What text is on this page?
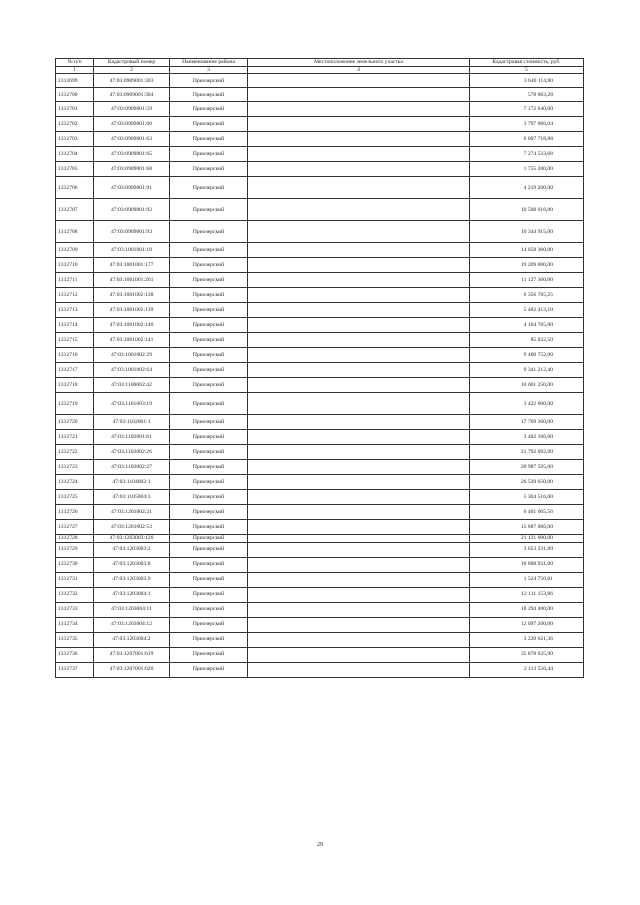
№ п/п	Кадастровый номер	Наименование района	Местоположение земельного участка	Кадастровая стоимость, руб.
1	2	3	4	5
1312699	47:03:0909001:303	Приозерский		3 640 114,80
1312700	47:03:0909001:304	Приозерский		578 063,28
1312701	47:03:0909001:59	Приозерский		7 172 640,00
1312702	47:03:0909001:60	Приозерский		3 797 066,04
1312703	47:03:0909001:63	Приозерский		6 007 718,88
1312704	47:03:0909001:65	Приозерский		7 274 533,68
1312705	47:03:0909001:68	Приозерский		1 755 200,00
1312706	47:03:0909001:91	Приозерский		4 219 200,00
1312707	47:03:0909001:92	Приозерский		10 508 016,00
1312708	47:03:0909001:93	Приозерский		10 344 915,00
1312709	47:03:1001001:10	Приозерский		14 058 360,00
1312710	47:03:1001001:177	Приозерский		19 209 000,00
1312711	47:03:1001001:261	Приозерский		11 127 360,00
1312712	47:03:1001002:138	Приозерский		6 356 765,25
1312713	47:03:1001002:139	Приозерский		5 482 413,10
1312714	47:03:1001002:140	Приозерский		4 104 765,00
1312715	47:03:1001002:141	Приозерский		85 032,50
1312716	47:03:1001002:29	Приозерский		9 400 752,00
1312717	47:03:1001002:64	Приозерский		9 341 212,40
1312718	47:03:1100002:42	Приозерский		10 001 250,00
1312719	47:03:1101003:19	Приозерский		3 422 000,00
1312720	47:03:1102001:1	Приозерский		17 769 360,00
1312721	47:03:1102001:61	Приозерский		3 402 106,00
1312722	47:03:1102002:26	Приозерский		21 792 092,00
1312723	47:03:1102002:27	Приозерский		20 987 595,00
1312724	47:03:1104002:1	Приозерский		26 539 650,00
1312725	47:03:1105004:3	Приозерский		5 304 516,00
1312726	47:03:1201002:21	Приозерский		6 461 005,56
1312727	47:03:1201002:53	Приозерский		15 887 066,00
1312728	47:03:1203003:126	Приозерский		21 121 000,00
1312729	47:03:1203003:2	Приозерский		3 653 231,89
1312730	47:03:1203003:8	Приозерский		10 608 931,00
1312731	47:03:1203003:9	Приозерский		1 524 750,81
1312732	47:03:1203004:1	Приозерский		12 111 153,86
1312733	47:03:1203004:11	Приозерский		18 294 400,00
1312734	47:03:1203004:12	Приозерский		12 097 200,00
1312735	47:03:1203004:2	Приозерский		3 220 621,36
1312736	47:03:1207001:619	Приозерский		35 878 635,90
1312737	47:03:1207001:620	Приозерский		2 113 556,44
29
